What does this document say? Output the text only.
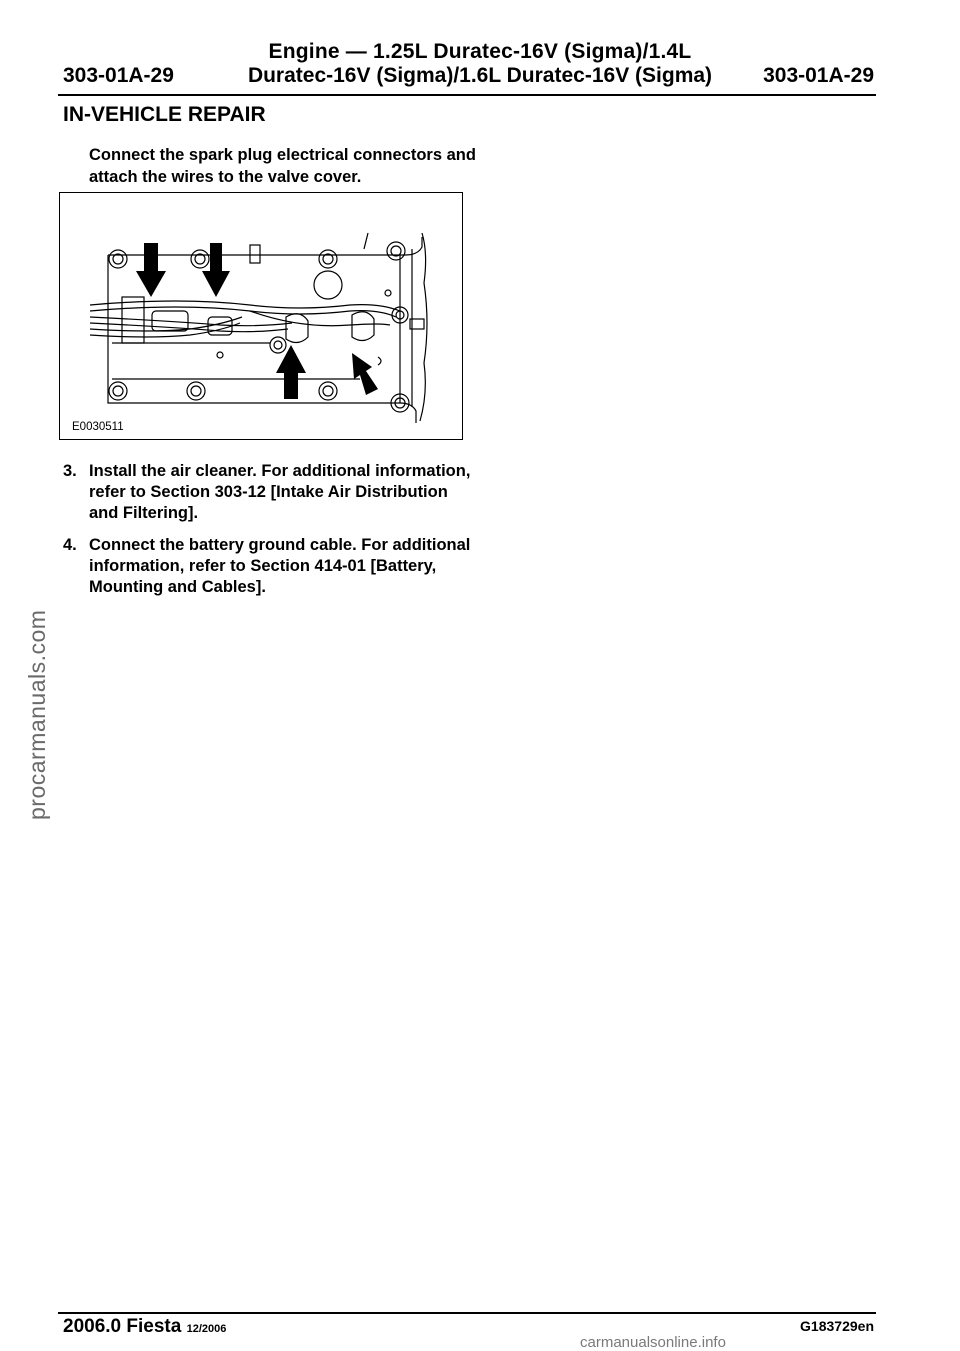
Engine — 1.25L Duratec-16V (Sigma)/1.4L
303-01A-29	Duratec-16V (Sigma)/1.6L Duratec-16V (Sigma)	303-01A-29
IN-VEHICLE REPAIR
Connect the spark plug electrical connectors and attach the wires to the valve cover.
E0030511
3. Install the air cleaner. For additional information, refer to Section 303-12 [Intake Air Distribution and Filtering].
4. Connect the battery ground cable. For additional information, refer to Section 414-01 [Battery, Mounting and Cables].
procarmanuals.com
2006.0 Fiesta 12/2006	G183729en
carmanualsonline.info
